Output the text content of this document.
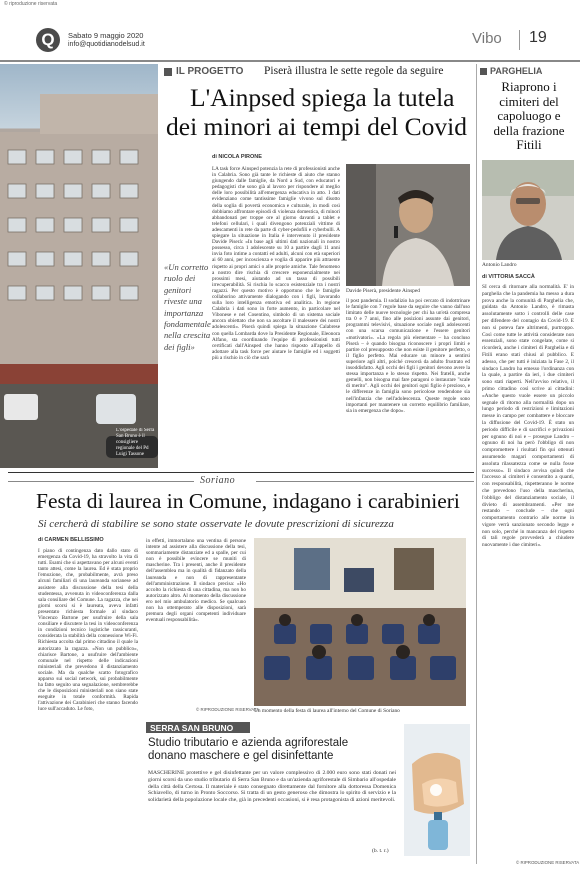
© riproduzione riservata
Q	Sabato 9 maggio 2020
info@quotidianodelsud.it	Vibo 19
IL PROGETTO Piserà illustra le sette regole da seguire
L'ospedale di Serra San Bruno è il consigliere regionale del Pd Luigi Tassone
L'Ainpsed spiega la tutela
dei minori ai tempi del Covid
di NICOLA PIRONE
«Un corretto ruolo dei genitori riveste una importanza fondamentale nella crescita dei figli»
LA task force Ainsped potenzia la rete di professionisti anche in Calabria. Sono già tante le richieste di aiuto che stanno giungendo dalle famiglie, da Nord a Sud, con educatori e pedagogisti che sono già al lavoro per rispondere al meglio delle loro possibilità all'emergenza educativa in atto. I dati evidenziano come tantissime famiglie vivono sul disotto della soglia di povertà economica e culturale, in modi così dobbiamo affrontare episodi di violenza domestica, di minori abbandonati per troppe ore al giorno davanti a tablet e telefoni cellulari, i quali divengono potenziali vittime di adescamenti in rete da parte di cyber-pedofili e cyberbulli. A spiegare la situazione in Italia è intervenuto il presidente Davide Piserà: «In base agli ultimi dati nazionali in nostro possesso, circa 1 adolescente su 10 a partire dagli 11 anni invia foto intime a contatti ed adulti, alcuni con età superiori ai 60 anni, per incoscienza e voglia di apparire più attraente rispetto ai propri amici o alle proprie amiche. Tale fenomeno a nostro dire rischia di crescere esponenzialmente nei prossimi mesi, aiutando ad un tasso di possibili irrecuperabilità. Si rischia lo scacco esistenziale tra i nostri ragazzi. Per questo motivo è opportuno che le famiglie collaborino attivamente dialogando con i figli, lavorando sulla loro intelligenza emotiva ed analitica. In regione Calabria i dati sono in forte aumento, in particolare nel Vibonese e nel Cosentino, simbolo di un sistema sociale ancora obiettato che non sa ascoltare il malessere dei nostri adolescenti». Piserà quindi spiega la situazione Calabrese con quella Lombarda dove la Presidente Regionale, Eleonora Alfano, sta coordinando l'equipe di professionisti tutti certificati dall'Ainsped che hanno risposto all'appello di adottare alla task force per aiutare le famiglie ed i soggetti più a rischio in ciò che sarà
Davide Piserà, presidente Ainsped
il post pandemia. Il sodalizio ha poi cercato di indottrinare le famiglie con 7 regole base da seguire che vanno dall'uso limitato delle nuove tecnologie per chi ha un'età compresa tra 0 e 7 anni, fino alle posizioni assunte dai genitori, programmi televisivi, situazione sociale negli adolescenti con una scarsa comunicazione e l'essere genitori «motivatori». «La regola più elementare – ha concluso Piserà – è quando bisogna riconoscere i propri limiti e partire col presupposto che non esiste il genitore perfetto, o il figlio perfetto. Mai educare un minore a sentirsi superiore agli altri, poiché crescerà da adulto frustrato ed insoddisfatto. Agli occhi dei figli i genitori devono avere la stessa importanza e lo stesso rispetto. Nei fratelli, anche gemelli, non bisogna mai fare paragoni o instaurare "scale di merito". Agli occhi dei genitori ogni figlio è prezioso, e le differenze in famiglia sono pericolose rendendone sia nell'infanzia che nell'adolescenza. Queste regole sono importanti per mantenere un corretto equilibrio familiare, sia in emergenza che dopo».
PARGHELIA
Riaprono i cimiteri del capoluogo e della frazione Fitili
Antonio Landro
di VITTORIA SACCÀ
SI cerca di ritornare alla normalità. E' in parghelia che la pandemia ha messo a dura prova anche la comunità di Parghelia che, guidata da Antonio Landro, è rimasta assolutamente sotto i controlli delle case per difendere del contagio da Covid-19. E non si poteva fare altrimenti, purtroppo. Così come tutte le attività considerate non essenziali, sono state congelate, come si ricorderà, anche i cimiteri di Parghelia e di Fitili erano stati chiusi al pubblico. E adesso, che per tutti è iniziata la Fase 2, il sindaco Landro ha emesso l'ordinanza con la quale, a partire da ieri, i due cimiteri sono stati riaperti. Nell'avviso relativo, il primo cittadino così scrive ai cittadini: «Anche questo vuole essere un piccolo segnale di ritorno alla normalità dopo un lungo periodo di restrizioni e limitazioni messe in campo per combattere e bloccare la diffusione del Covid-19. È stato un periodo difficile e di sacrifici e privazioni per ognuno di noi e – prosegue Landro – ognuno di noi ha però l'obbligo di non compromettere i risultati fin qui ottenuti assumendo magari comportamenti di assoluta rilassatezza come se nulla fosse successo». Il sindaco avvisa quindi che l'accesso ai cimiteri è consentito a quanti, con responsabilità, rispetteranno le norme che prevedono l'uso della mascherina, l'obbligo del distanziamento sociale, il divieto di assembramenti. «Per me restando – conclude – che ogni comportamento contrario alle norme in vigore verrà sanzionato secondo legge e non solo, perché in mancanza del rispetto di tali regole provvederà a chiudere nuovamente i due cimiteri».
© RIPRODUZIONE RISERVATA
Soriano
Festa di laurea in Comune, indagano i carabinieri
Si cercherà di stabilire se sono state osservate le dovute prescrizioni di sicurezza
di CARMEN BELLISSIMO
I piano di contingenza dato dallo stato di emergenza da Covid-19, ha stravolto la vita di tutti. Esami che si aspettavano per alcuni eventi tanto attesi, come la laurea. Ed è stata proprio l'emozione, che, probabilmente, avrà preso alcuni familiari di una laureanda sorianese ad assistere alla discussione della tesi della studentessa, avvenuta in videoconferenza dalla sala consiliare del Comune. La ragazza, che nei giorni scorsi si è laureata, aveva infatti presentato richiesta formale al sindaco Vincenzo Bartone per usufruire della sala consiliare e discutere la tesi in videoconferenza in condizioni tecnico logistiche rassicuranti, considerata la stabilità della connessione Wi-Fi. Richiesta accolta dal primo cittadino il quale la autorizzato la ragazza. «Non un pubblico», chiarisce Bartone, a usufruire dell'ambiente comunale nel rispetto delle indicazioni ministeriali che prevedono il distanziamento sociale. Ma da qualche scatto fotografico apparso sui social network, sui probabilmente ha fatto seguito una segnalazione, sembrerebbe che le disposizioni ministeriali non siano state eseguite in totale conformità. Rapida l'attivazione dei Carabinieri che stanno facendo luce sull'accaduto. Le foto,
in effetti, immortalano una ventina di persone intente ad assistere alla discussione della tesi, sommariamente distanziate ed a spalle, per cui non è possibile evincere se muniti di mascherine. Tra i presenti, anche il presidente dell'assemblea ma in qualità di fidanzato della laureanda e non di rappresentante dell'amministrazione. Il sindaco precisa: «Ho accolto la richiesta di una cittadina, ma non ho autorizzato altro. Al momento della discussione ero nel mio ambulatorio medico. Se qualcuno non ha ottemperato alle disposizioni, sarà premura degli organi competenti individuare eventuali responsabilità».
© RIPRODUZIONE RISERVATA
Un momento della festa di laurea all'interno del Comune di Soriano
SERRA SAN BRUNO
Studio tributario e azienda agriforestale
donano maschere e gel disinfettante
MASCHERINE protettive e gel disinfettante per un valore complessivo di 2.000 euro sono stati donati nei giorni scorsi da uno studio tributario di Serra San Bruno e da un'azienda agriforestale di Simbario all'ospedale della città della Certosa. Il materiale è stato consegnato direttamente dal fornitore alla dottoressa Domenica Schiavello, di turno in Pronto Soccorso. Si tratta di un gesto generoso che dimostra lo spirito di servizio e la solidarietà della popolazione locale che, già in precedenti occasioni, si è resa protagonista di azioni meritevoli.
(b. t. r.)
